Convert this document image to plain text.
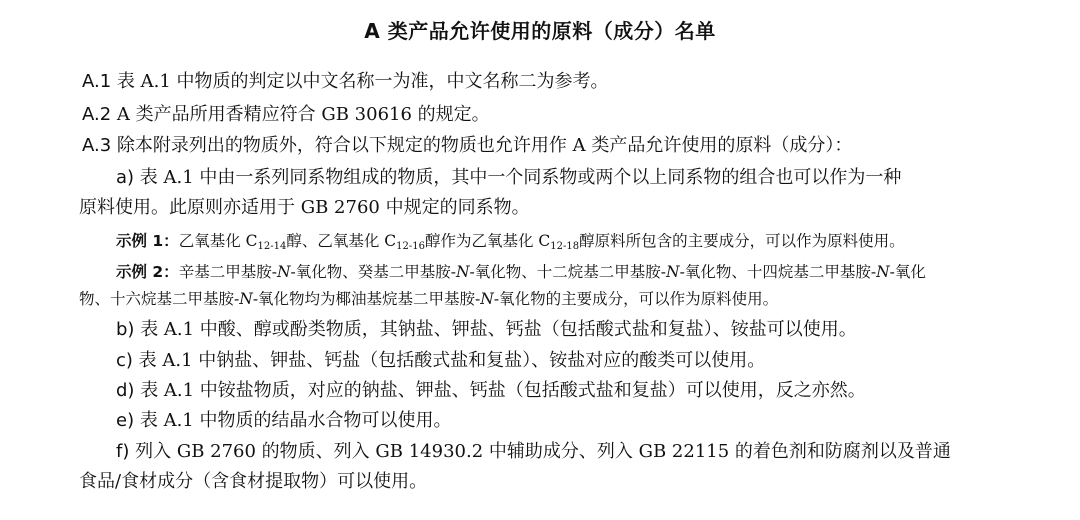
A 类产品允许使用的原料（成分）名单
A.1 表 A.1 中物质的判定以中文名称一为准，中文名称二为参考。
A.2 A 类产品所用香精应符合 GB 30616 的规定。
A.3 除本附录列出的物质外，符合以下规定的物质也允许用作 A 类产品允许使用的原料（成分）：
a) 表 A.1 中由一系列同系物组成的物质，其中一个同系物或两个以上同系物的组合也可以作为一种
原料使用。此原则亦适用于 GB 2760 中规定的同系物。
示例 1：乙氧基化 $C_{12-14}$醇、乙氧基化 $C_{12-16}$醇作为乙氧基化 $C_{12-18}$醇原料所包含的主要成分，可以作为原料使用。
示例 2：辛基二甲基胺-N-氧化物、癸基二甲基胺-N-氧化物、十二烷基二甲基胺-N-氧化物、十四烷基二甲基胺-N-氧化
物、十六烷基二甲基胺-N-氧化物均为椰油基烷基二甲基胺-N-氧化物的主要成分，可以作为原料使用。
b) 表 A.1 中酸、醇或酚类物质，其钠盐、钾盐、钙盐（包括酸式盐和复盐）、铵盐可以使用。
c) 表 A.1 中钠盐、钾盐、钙盐（包括酸式盐和复盐）、铵盐对应的酸类可以使用。
d) 表 A.1 中铵盐物质，对应的钠盐、钾盐、钙盐（包括酸式盐和复盐）可以使用，反之亦然。
e) 表 A.1 中物质的结晶水合物可以使用。
f) 列入 GB 2760 的物质、列入 GB 14930.2 中辅助成分、列入 GB 22115 的着色剂和防腐剂以及普通
食品/食材成分（含食材提取物）可以使用。
